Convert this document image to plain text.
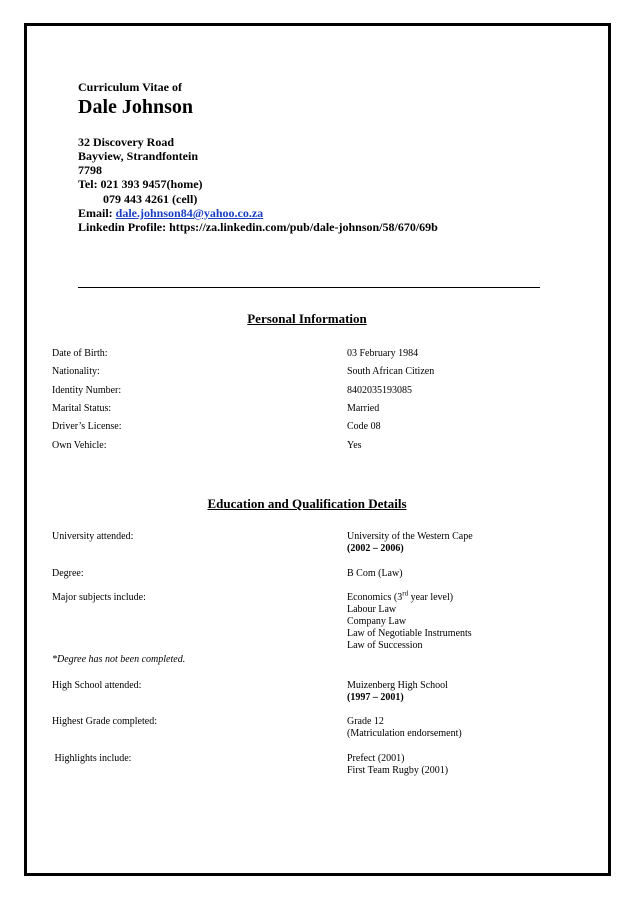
Curriculum Vitae of
Dale Johnson
32 Discovery Road
Bayview, Strandfontein
7798
Tel: 021 393 9457(home)
079 443 4261 (cell)
Email: dale.johnson84@yahoo.co.za
Linkedin Profile: https://za.linkedin.com/pub/dale-johnson/58/670/69b
Personal Information
Date of Birth:	03 February 1984
Nationality:	South African Citizen
Identity Number:	8402035193085
Marital Status:	Married
Driver’s License:	Code 08
Own Vehicle:	Yes
Education and Qualification Details
University attended:	University of the Western Cape
(2002 – 2006)
Degree:	B Com (Law)
Major subjects include:	Economics (3rd year level)
Labour Law
Company Law
Law of Negotiable Instruments
Law of Succession
*Degree has not been completed.
High School attended:	Muizenberg High School
(1997 – 2001)
Highest Grade completed:	Grade 12
(Matriculation endorsement)
Highlights include:	Prefect (2001)
First Team Rugby (2001)
